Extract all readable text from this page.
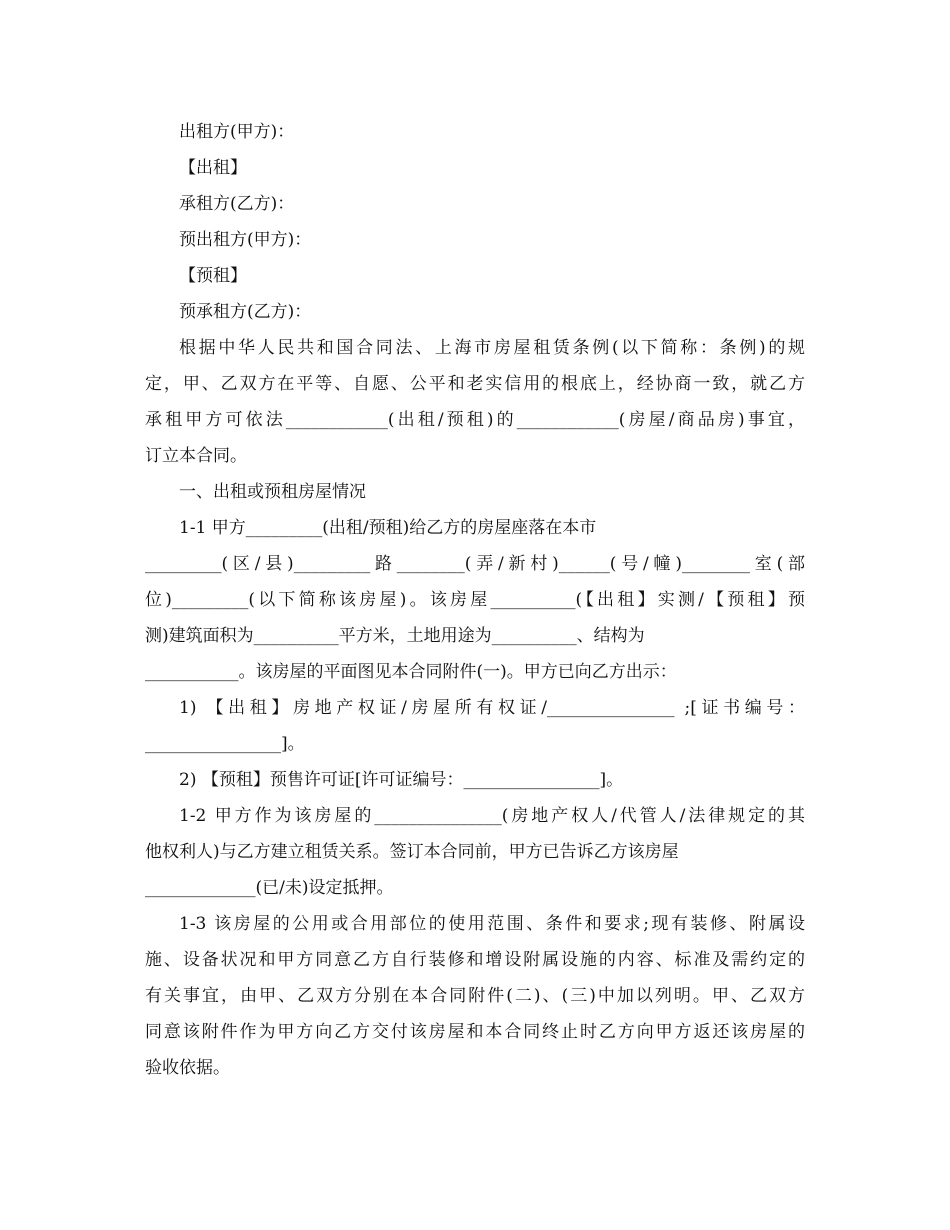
出租方(甲方)：
【出租】
承租方(乙方)：
预出租方(甲方)：
【预租】
预承租方(乙方)：
根据中华人民共和国合同法、上海市房屋租赁条例(以下简称：条例)的规
定，甲、乙双方在平等、自愿、公平和老实信用的根底上，经协商一致，就乙方
承租甲方可依法____________(出租/预租)的____________(房屋/商品房)事宜，
订立本合同。
一、出租或预租房屋情况
1-1 甲方_________(出租/预租)给乙方的房屋座落在本市
_________(区/县)_________路________(弄/新村)______(号/幢)________室(部
位)_________(以下简称该房屋)。该房屋__________(【出租】实测/【预租】预
测)建筑面积为__________平方米，土地用途为__________、结构为
___________。该房屋的平面图见本合同附件(一)。甲方已向乙方出示：
1) 【出租】房地产权证/房屋所有权证/_______________ ;[证书编号：
________________]。
2) 【预租】预售许可证[许可证编号：________________]。
1-2 甲方作为该房屋的_______________(房地产权人/代管人/法律规定的其
他权利人)与乙方建立租赁关系。签订本合同前，甲方已告诉乙方该房屋
_____________(已/未)设定抵押。
1-3 该房屋的公用或合用部位的使用范围、条件和要求;现有装修、附属设
施、设备状况和甲方同意乙方自行装修和增设附属设施的内容、标准及需约定的
有关事宜，由甲、乙双方分别在本合同附件(二)、(三)中加以列明。甲、乙双方
同意该附件作为甲方向乙方交付该房屋和本合同终止时乙方向甲方返还该房屋的
验收依据。
